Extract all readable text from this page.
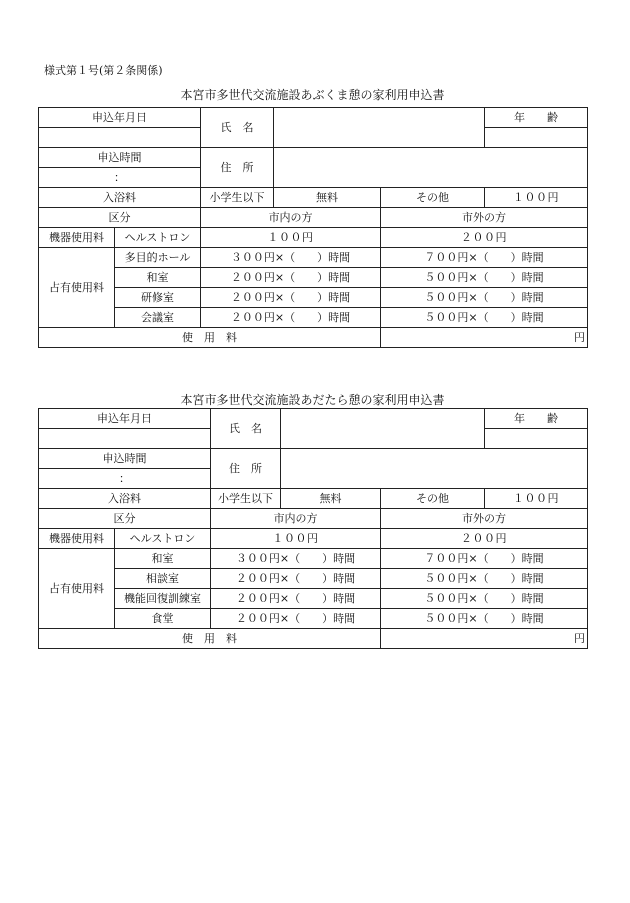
様式第１号(第２条関係)
本宮市多世代交流施設あぶくま憩の家利用申込書
申込年月日		氏　名			年　　齢

申込時間		住　所			
：					
入浴料		小学生以下	無料	その他	１００円
区分		市内の方		市外の方	
機器使用料	ヘルストロン	１００円		２００円	
占有使用料	多目的ホール	３００円×（　　）時間		７００円×（　　）時間	
	和室	２００円×（　　）時間		５００円×（　　）時間	
	研修室	２００円×（　　）時間		５００円×（　　）時間	
	会議室	２００円×（　　）時間		５００円×（　　）時間	
使　用　料				円	
本宮市多世代交流施設あだたら憩の家利用申込書
申込年月日		氏　名			年　　齢

申込時間		住　所			
：					
入浴料		小学生以下	無料	その他	１００円
区分		市内の方		市外の方	
機器使用料	ヘルストロン	１００円		２００円	
占有使用料	和室	３００円×（　　）時間		７００円×（　　）時間	
	相談室	２００円×（　　）時間		５００円×（　　）時間	
	機能回復訓練室	２００円×（　　）時間		５００円×（　　）時間	
	食堂	２００円×（　　）時間		５００円×（　　）時間	
使　用　料				円	
